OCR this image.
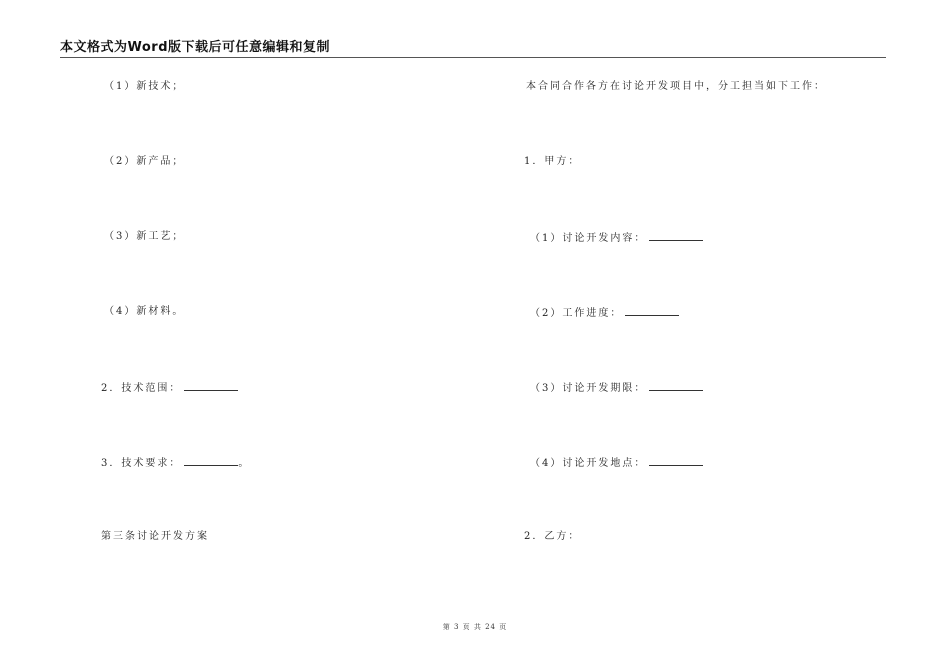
本文格式为Word版下载后可任意编辑和复制
（1）新技术；
（2）新产品；
（3）新工艺；
（4）新材料。
2．技术范围：
3．技术要求：	。
第三条讨论开发方案
本合同合作各方在讨论开发项目中，分工担当如下工作：
1．甲方：
（1）讨论开发内容：
（2）工作进度：
（3）讨论开发期限：
（4）讨论开发地点：
2．乙方：
第 3 页 共 24 页
